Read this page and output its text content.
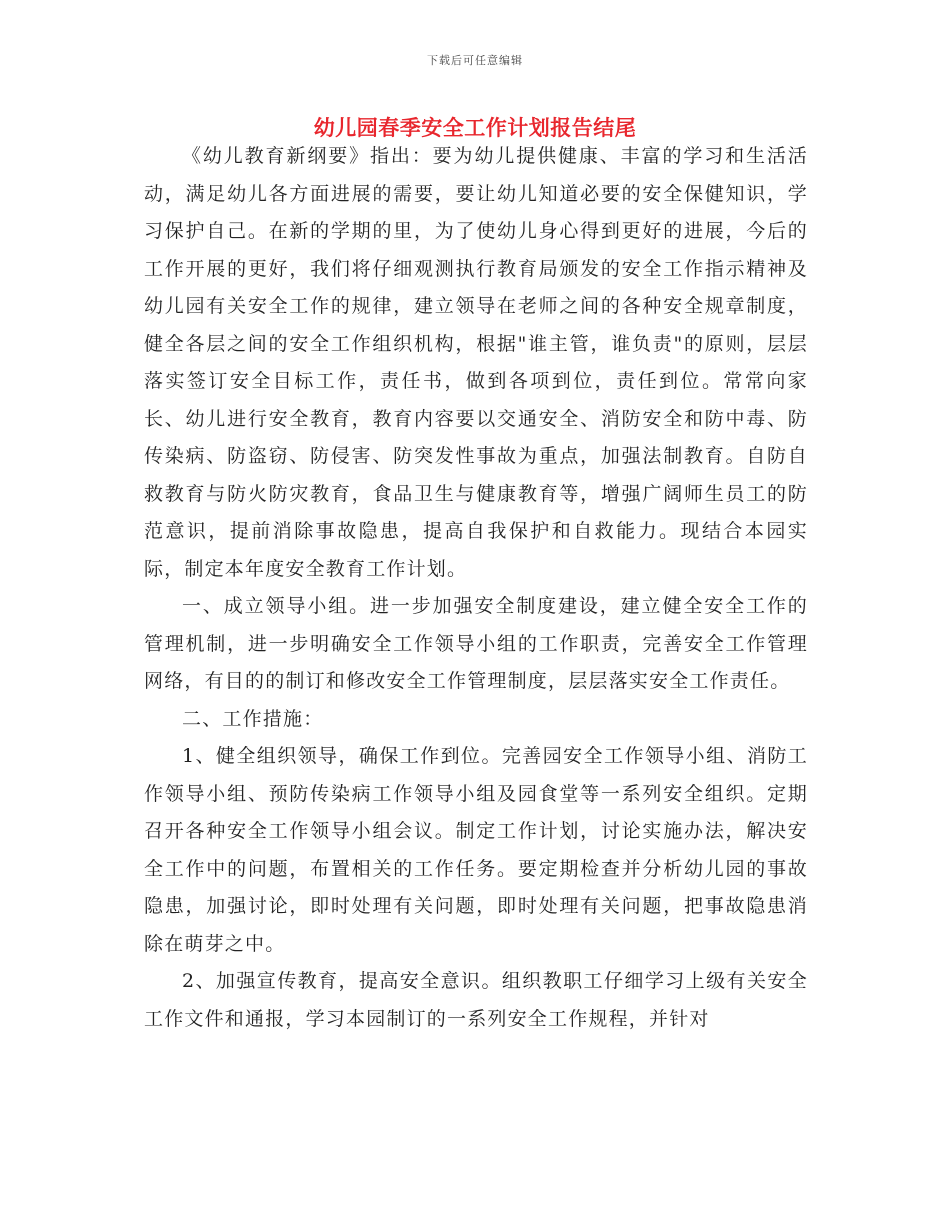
下载后可任意编辑
幼儿园春季安全工作计划报告结尾

《幼儿教育新纲要》指出：要为幼儿提供健康、丰富的学习和生活活动，满足幼儿各方面进展的需要，要让幼儿知道必要的安全保健知识，学习保护自己。在新的学期的里，为了使幼儿身心得到更好的进展，今后的工作开展的更好，我们将仔细观测执行教育局颁发的安全工作指示精神及幼儿园有关安全工作的规律，建立领导在老师之间的各种安全规章制度，健全各层之间的安全工作组织机构，根据"谁主管，谁负责"的原则，层层落实签订安全目标工作，责任书，做到各项到位，责任到位。常常向家长、幼儿进行安全教育，教育内容要以交通安全、消防安全和防中毒、防传染病、防盗窃、防侵害、防突发性事故为重点，加强法制教育。自防自救教育与防火防灾教育，食品卫生与健康教育等，增强广阔师生员工的防范意识，提前消除事故隐患，提高自我保护和自救能力。现结合本园实际，制定本年度安全教育工作计划。

一、成立领导小组。进一步加强安全制度建设，建立健全安全工作的管理机制，进一步明确安全工作领导小组的工作职责，完善安全工作管理网络，有目的的制订和修改安全工作管理制度，层层落实安全工作责任。

二、工作措施：

1、健全组织领导，确保工作到位。完善园安全工作领导小组、消防工作领导小组、预防传染病工作领导小组及园食堂等一系列安全组织。定期召开各种安全工作领导小组会议。制定工作计划，讨论实施办法，解决安全工作中的问题，布置相关的工作任务。要定期检查并分析幼儿园的事故隐患，加强讨论，即时处理有关问题，即时处理有关问题，把事故隐患消除在萌芽之中。

2、加强宣传教育，提高安全意识。组织教职工仔细学习上级有关安全工作文件和通报，学习本园制订的一系列安全工作规程，并针对
